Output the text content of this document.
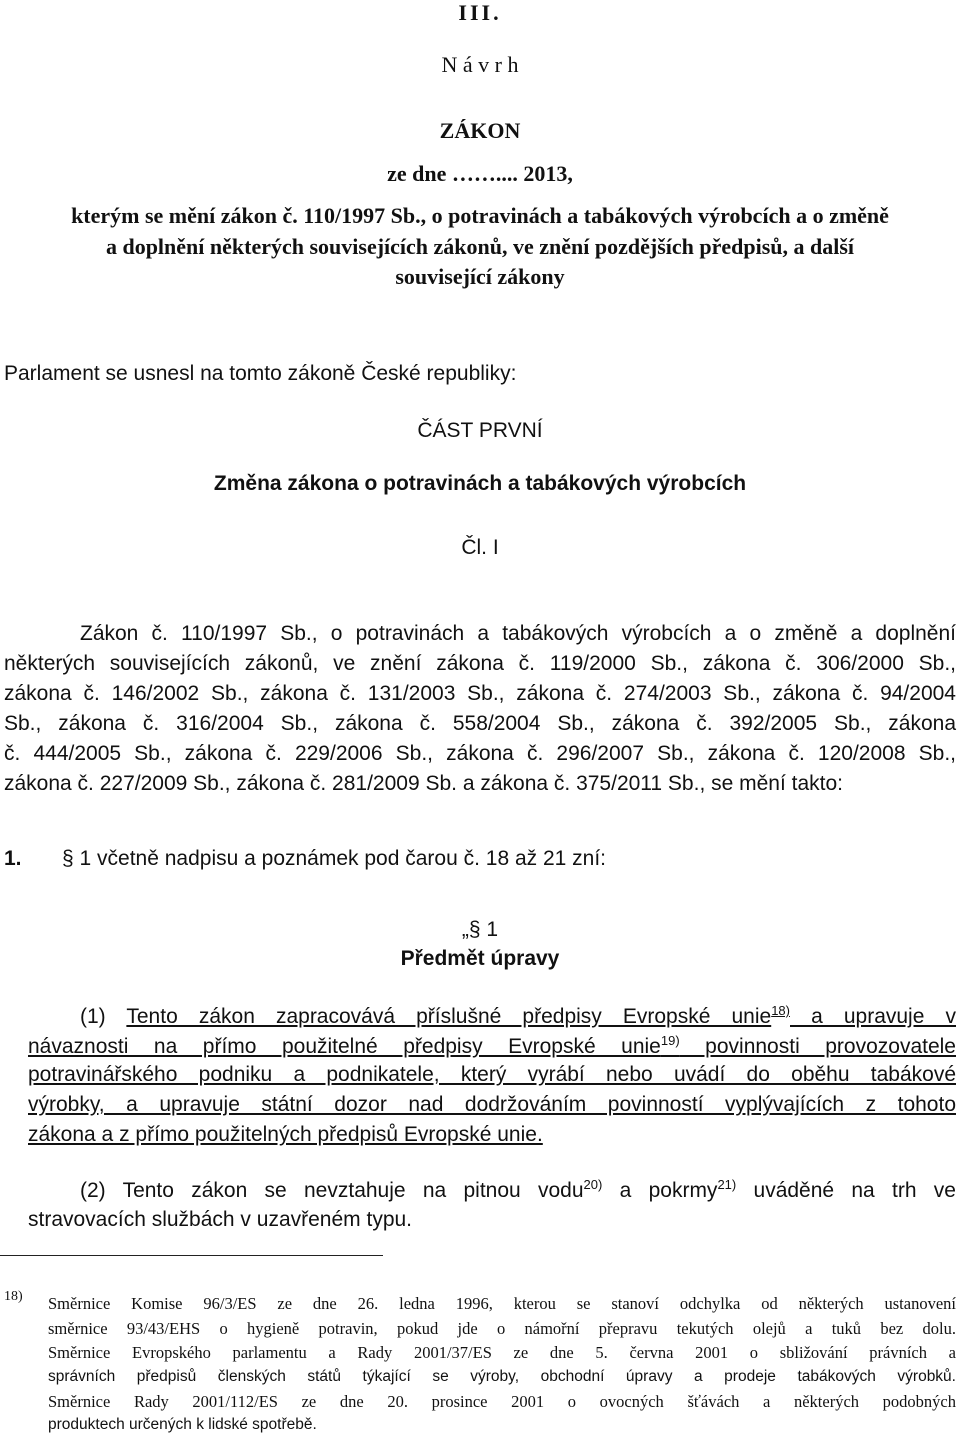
III.
N á v r h
ZÁKON
ze dne …….... 2013,
kterým se mění zákon č. 110/1997 Sb., o potravinách a tabákových výrobcích a o změně
a doplnění některých souvisejících zákonů, ve znění pozdějších předpisů, a další
související zákony
Parlament se usnesl na tomto zákoně České republiky:
ČÁST PRVNÍ
Změna zákona o potravinách a tabákových výrobcích
Čl. I
Zákon č. 110/1997 Sb., o potravinách a tabákových výrobcích a o změně a doplnění
některých souvisejících zákonů, ve znění zákona č. 119/2000 Sb., zákona č. 306/2000 Sb.,
zákona č. 146/2002 Sb., zákona č. 131/2003 Sb., zákona č. 274/2003 Sb., zákona č. 94/2004
Sb., zákona č. 316/2004 Sb., zákona č. 558/2004 Sb., zákona č. 392/2005 Sb., zákona
č. 444/2005 Sb., zákona č. 229/2006 Sb., zákona č. 296/2007 Sb., zákona č. 120/2008 Sb.,
zákona č. 227/2009 Sb., zákona č. 281/2009 Sb. a zákona č. 375/2011 Sb., se mění takto:
1. § 1 včetně nadpisu a poznámek pod čarou č. 18 až 21 zní:
„§ 1
Předmět úpravy
(1) Tento zákon zapracovává příslušné předpisy Evropské unie$^{18)}$ a upravuje v
návaznosti na přímo použitelné předpisy Evropské unie$^{19)}$ povinnosti provozovatele
potravinářského podniku a podnikatele, který vyrábí nebo uvádí do oběhu tabákové
výrobky, a upravuje státní dozor nad dodržováním povinností vyplývajících z tohoto
zákona a z přímo použitelných předpisů Evropské unie.
(2) Tento zákon se nevztahuje na pitnou vodu$^{20)}$ a pokrmy$^{21)}$ uváděné na trh ve
stravovacích službách v uzavřeném typu.
18) Směrnice Komise 96/3/ES ze dne 26. ledna 1996, kterou se stanoví odchylka od některých ustanovení
směrnice 93/43/EHS o hygieně potravin, pokud jde o námořní přepravu tekutých olejů a tuků bez dolu.
Směrnice Evropského parlamentu a Rady 2001/37/ES ze dne 5. června 2001 o sbližování právních a
správních předpisů členských států týkající se výroby, obchodní úpravy a prodeje tabákových výrobků.
Směrnice Rady 2001/112/ES ze dne 20. prosince 2001 o ovocných šťávách a některých podobných
produktech určených k lidské spotřebě.
